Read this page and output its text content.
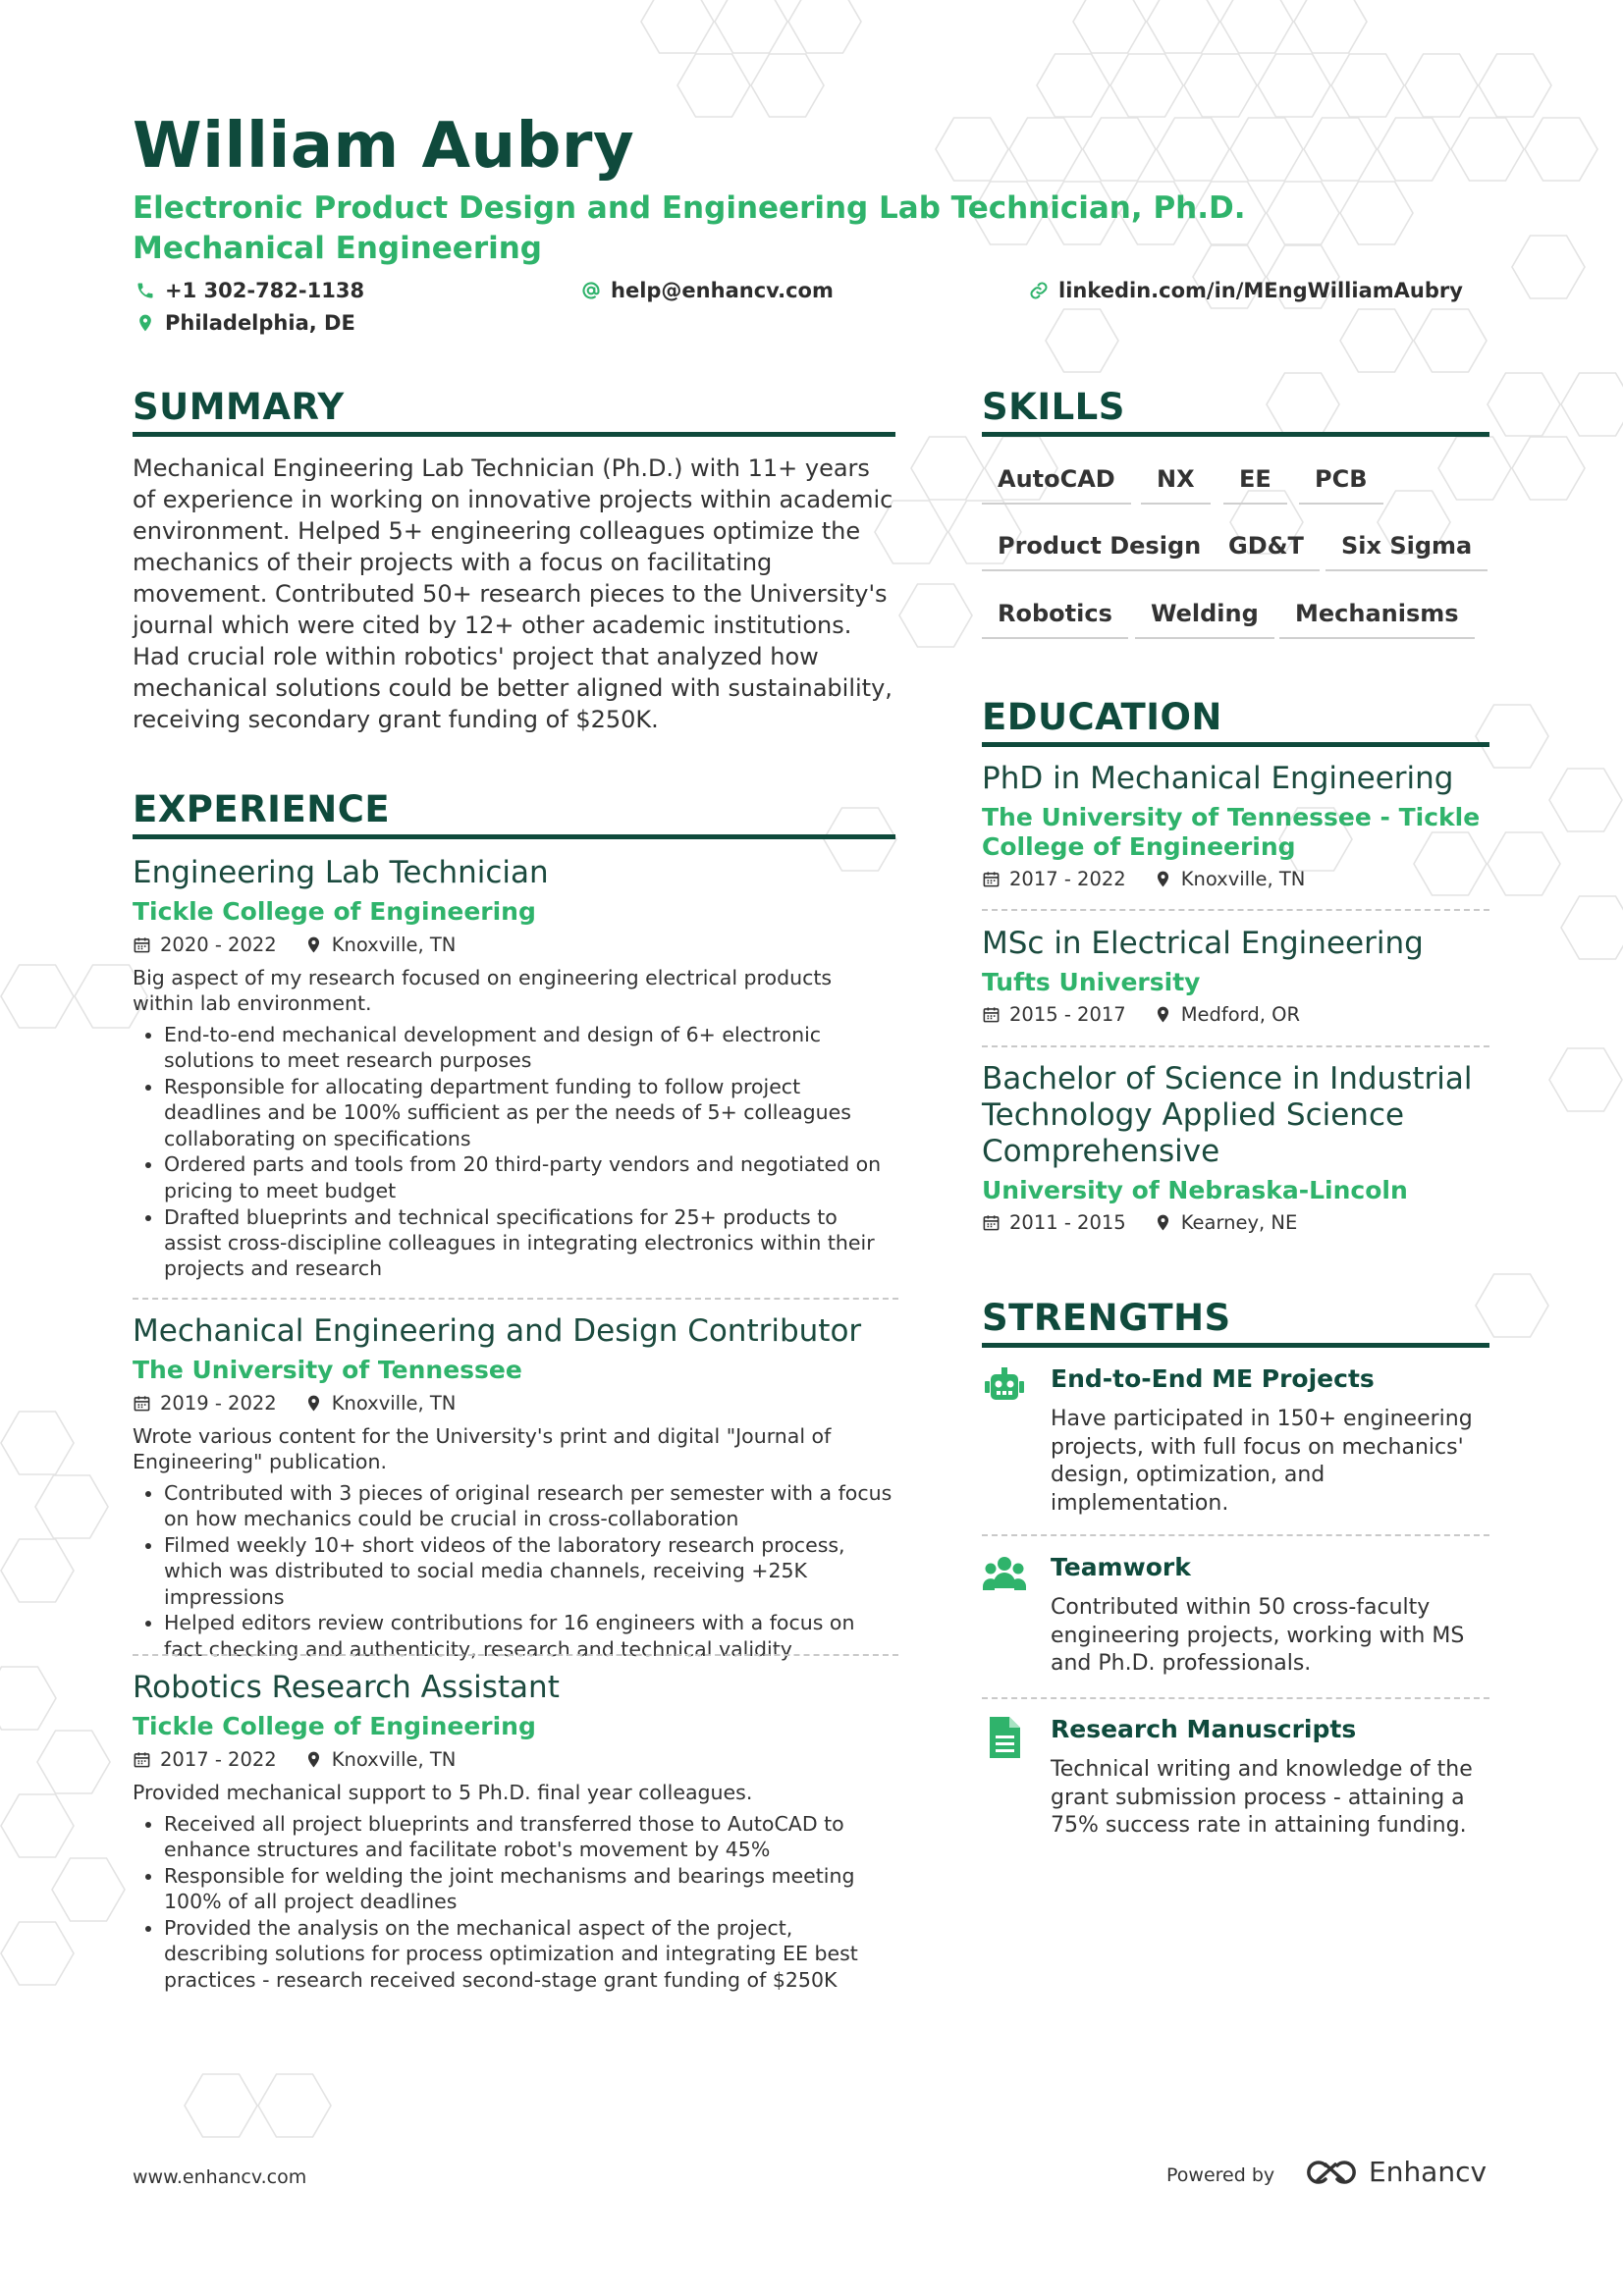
William Aubry
Electronic Product Design and Engineering Lab Technician, Ph.D. Mechanical Engineering
+1 302-782-1138	help@enhancv.com	linkedin.com/in/MEngWilliamAubry
Philadelphia, DE
SUMMARY
Mechanical Engineering Lab Technician (Ph.D.) with 11+ years of experience in working on innovative projects within academic environment. Helped 5+ engineering colleagues optimize the mechanics of their projects with a focus on facilitating movement. Contributed 50+ research pieces to the University's journal which were cited by 12+ other academic institutions. Had crucial role within robotics' project that analyzed how mechanical solutions could be better aligned with sustainability, receiving secondary grant funding of $250K.
EXPERIENCE
Engineering Lab Technician
Tickle College of Engineering
2020 - 2022	Knoxville, TN
Big aspect of my research focused on engineering electrical products within lab environment.
• End-to-end mechanical development and design of 6+ electronic solutions to meet research purposes
• Responsible for allocating department funding to follow project deadlines and be 100% sufficient as per the needs of 5+ colleagues collaborating on specifications
• Ordered parts and tools from 20 third-party vendors and negotiated on pricing to meet budget
• Drafted blueprints and technical specifications for 25+ products to assist cross-discipline colleagues in integrating electronics within their projects and research
Mechanical Engineering and Design Contributor
The University of Tennessee
2019 - 2022	Knoxville, TN
Wrote various content for the University's print and digital "Journal of Engineering" publication.
• Contributed with 3 pieces of original research per semester with a focus on how mechanics could be crucial in cross-collaboration
• Filmed weekly 10+ short videos of the laboratory research process, which was distributed to social media channels, receiving +25K impressions
• Helped editors review contributions for 16 engineers with a focus on fact checking and authenticity, research and technical validity
Robotics Research Assistant
Tickle College of Engineering
2017 - 2022	Knoxville, TN
Provided mechanical support to 5 Ph.D. final year colleagues.
• Received all project blueprints and transferred those to AutoCAD to enhance structures and facilitate robot's movement by 45%
• Responsible for welding the joint mechanisms and bearings meeting 100% of all project deadlines
• Provided the analysis on the mechanical aspect of the project, describing solutions for process optimization and integrating EE best practices - research received second-stage grant funding of $250K
SKILLS
AutoCAD	NX	EE	PCB
Product Design	GD&T	Six Sigma
Robotics	Welding	Mechanisms
EDUCATION
PhD in Mechanical Engineering
The University of Tennessee - Tickle College of Engineering
2017 - 2022	Knoxville, TN
MSc in Electrical Engineering
Tufts University
2015 - 2017	Medford, OR
Bachelor of Science in Industrial Technology Applied Science Comprehensive
University of Nebraska-Lincoln
2011 - 2015	Kearney, NE
STRENGTHS
End-to-End ME Projects
Have participated in 150+ engineering projects, with full focus on mechanics' design, optimization, and implementation.
Teamwork
Contributed within 50 cross-faculty engineering projects, working with MS and Ph.D. professionals.
Research Manuscripts
Technical writing and knowledge of the grant submission process - attaining a 75% success rate in attaining funding.
www.enhancv.com	Powered by	Enhancv
